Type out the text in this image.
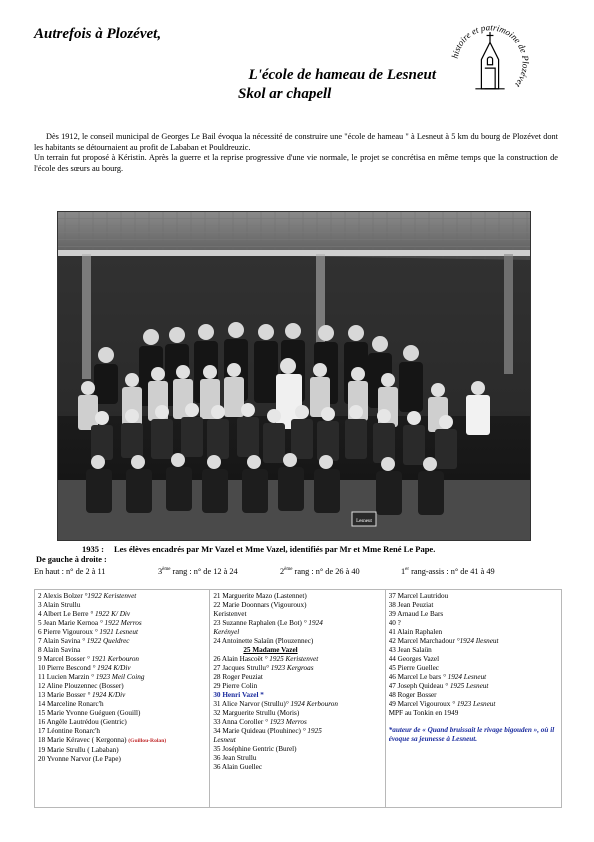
Autrefois à Plozévet,
L'école de hameau de Lesneut
Skol ar chapell
histoire et patrimoine de Plozévet

Dès 1912, le conseil municipal de Georges Le Bail évoqua la nécessité de construire une "école de hameau " à Lesneut à 5 km du bourg de Plozévet dont les habitants se détournaient au profit de Lababan et Pouldreuzic.

Un terrain fut proposé à Kéristin. Après la guerre et la reprise progressive d'une vie normale, le projet se concrétisa en même temps que la construction de l'école des sœurs au bourg.

Lesneut
1935 : Les élèves encadrés par Mr Vazel et Mme Vazel, identifiés par Mr et Mme René Le Pape.
De gauche à droite :
En haut : n° de 2 à 11	3ème rang : n° de 12 à 24	2ème rang : n° de 26 à 40	1er rang-assis : n° de 41 à 49
2 Alexis Bolzer °1922 Keristenvet
3 Alain Strullu
4 Albert Le Berre ° 1922 K/ Div
5 Jean Marie Kernoa ° 1922 Merros
6 Pierre Vigouroux ° 1921 Lesneut
7 Alain Savina ° 1922 Queldrec
8 Alain Savina
9 Marcel Bosser ° 1921 Kerbouron
10 Pierre Bescond ° 1924 K/Div
11 Lucien Marzin ° 1923 Meil Coing
12 Aline Plouzennec (Bosser)
13 Marie Bosser ° 1924 K/Div
14 Marceline Ronarc'h
15 Marie Yvonne Guéguen (Gouill)
16 Angèle Lautrédou (Gentric)
17 Léontine Ronarc'h
18 Marie Kéravec ( Kergonna) (Guillou-Rolan)
19 Marie Strullu ( Lababan)
20 Yvonne Narvor (Le Pape)
21 Marguerite Mazo (Lastennet)
22 Marie Doonnars (Vigouroux)
Keristenvet
23 Suzanne Raphalen (Le Bot) ° 1924
Kerényel
24 Antoinette Salaün (Plouzennec)
25 Madame Vazel
26 Alain Hascoët ° 1925 Keristenvet
27 Jacques Strullu° 1923 Kergroas
28 Roger Peuziat
29 Pierre Colin
30 Henri Vazel *
31 Alice Narvor (Strullu)° 1924 Kerbouron
32 Marguerite Strullu (Moris)
33 Anna Coroller ° 1923 Merros
34 Marie Quideau (Plouhinec) ° 1925
Lesneut
35 Joséphine Gentric (Burel)
36 Jean Strullu
36 Alain Guellec
37 Marcel Lautridou
38 Jean Peuziat
39 Arnaud Le Bars
40 ?
41 Alain Raphalen
42 Marcel Marchadour °1924 Ilesneut
43 Jean Salaün
44 Georges Vazel
45 Pierre Guellec
46 Marcel Le bars ° 1924 Lesneut
47 Joseph Quideau ° 1925 Lesneut
48 Roger Bosser
49 Marcel Vigouroux ° 1923 Lesneut
MPF au Tonkin en 1949
*auteur de « Quand bruissait le rivage bigouden », où il évoque sa jeunesse à Lesneut.
